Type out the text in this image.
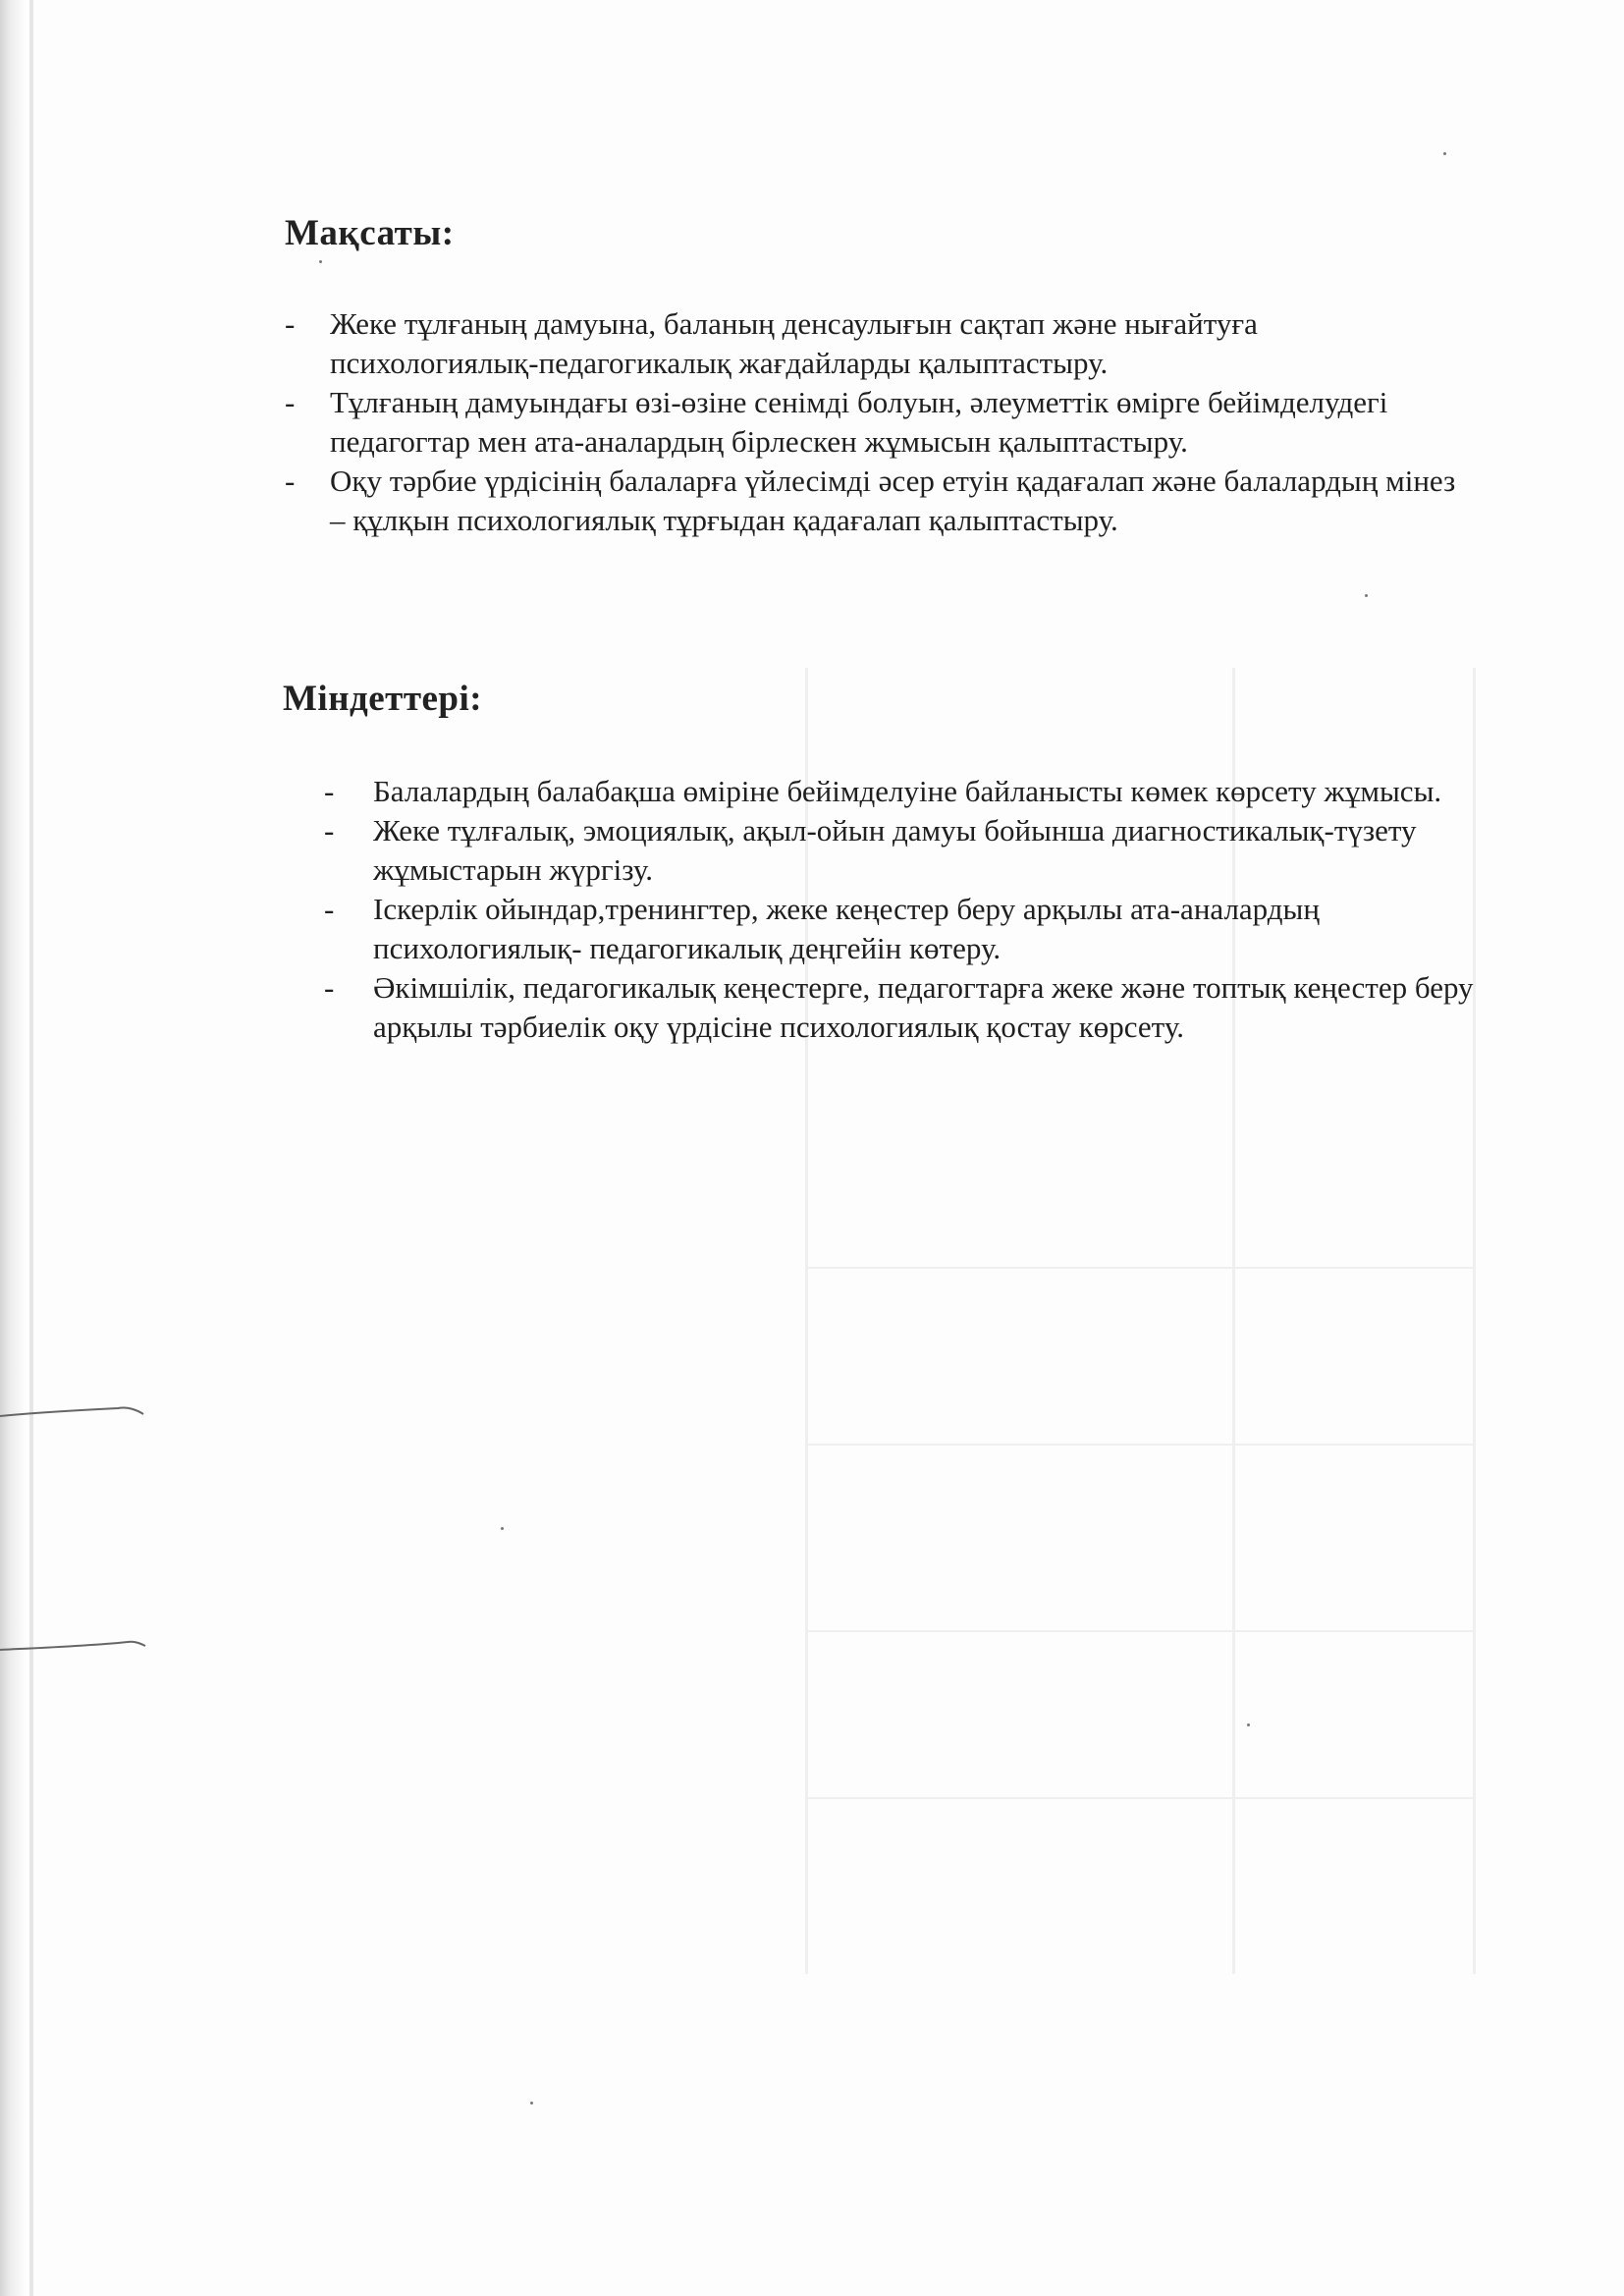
Мақсаты:
- Жеке тұлғаның дамуына, баланың денсаулығын сақтап және нығайтуға психологиялық-педагогикалық жағдайларды қалыптастыру.
- Тұлғаның дамуындағы өзі-өзіне сенімді болуын, әлеуметтік өмірге бейімделудегі педагогтар мен ата-аналардың бірлескен жұмысын қалыптастыру.
- Оқу тәрбие үрдісінің балаларға үйлесімді әсер етуін қадағалап және балалардың мінез – құлқын психологиялық тұрғыдан қадағалап қалыптастыру.
Міндеттері:
- Балалардың балабақша өміріне бейімделуіне байланысты көмек көрсету жұмысы.
- Жеке тұлғалық, эмоциялық, ақыл-ойын дамуы бойынша диагностикалық-түзету жұмыстарын жүргізу.
- Іскерлік ойындар,тренингтер, жеке кеңестер беру арқылы ата-аналардың психологиялық- педагогикалық деңгейін көтеру.
- Әкімшілік, педагогикалық кеңестерге, педагогтарға жеке және топтық кеңестер беру арқылы тәрбиелік оқу үрдісіне психологиялық қостау көрсету.
